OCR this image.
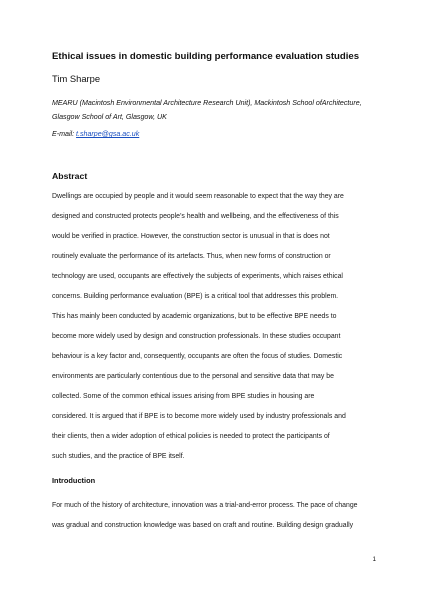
Ethical issues in domestic building performance evaluation studies
Tim Sharpe
MEARU (Macintosh Environmental Architecture Research Unit), Mackintosh School ofArchitecture, Glasgow School of Art, Glasgow, UK
E-mail: t.sharpe@gsa.ac.uk
Abstract
Dwellings are occupied by people and it would seem reasonable to expect that the way they are
designed and constructed protects people’s health and wellbeing, and the effectiveness of this
would be verified in practice. However, the construction sector is unusual in that is does not
routinely evaluate the performance of its artefacts. Thus, when new forms of construction or
technology are used, occupants are effectively the subjects of experiments, which raises ethical
concerns. Building performance evaluation (BPE) is a critical tool that addresses this problem.
This has mainly been conducted by academic organizations, but to be effective BPE needs to
become more widely used by design and construction professionals. In these studies occupant
behaviour is a key factor and, consequently, occupants are often the focus of studies. Domestic
environments are particularly contentious due to the personal and sensitive data that may be
collected. Some of the common ethical issues arising from BPE studies in housing are
considered. It is argued that if BPE is to become more widely used by industry professionals and
their clients, then a wider adoption of ethical policies is needed to protect the participants of
such studies, and the practice of BPE itself.
Introduction
For much of the history of architecture, innovation was a trial-and-error process. The pace of change
was gradual and construction knowledge was based on craft and routine. Building design gradually
1
